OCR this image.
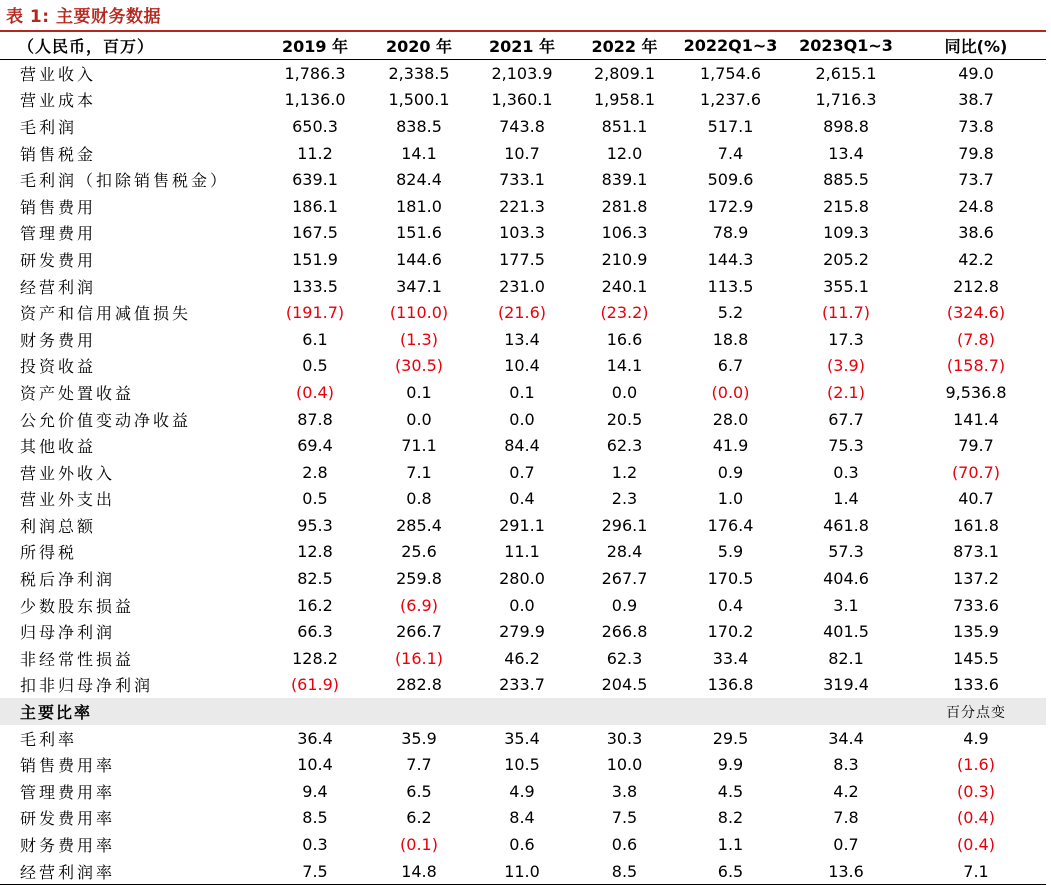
表 1: 主要财务数据
（人民币，百万）	2019 年	2020 年	2021 年	2022 年	2022Q1~3	2023Q1~3	同比(%)
营业收入	1,786.3	2,338.5	2,103.9	2,809.1	1,754.6	2,615.1	49.0
营业成本	1,136.0	1,500.1	1,360.1	1,958.1	1,237.6	1,716.3	38.7
毛利润	650.3	838.5	743.8	851.1	517.1	898.8	73.8
销售税金	11.2	14.1	10.7	12.0	7.4	13.4	79.8
毛利润（扣除销售税金）	639.1	824.4	733.1	839.1	509.6	885.5	73.7
销售费用	186.1	181.0	221.3	281.8	172.9	215.8	24.8
管理费用	167.5	151.6	103.3	106.3	78.9	109.3	38.6
研发费用	151.9	144.6	177.5	210.9	144.3	205.2	42.2
经营利润	133.5	347.1	231.0	240.1	113.5	355.1	212.8
资产和信用减值损失	(191.7)	(110.0)	(21.6)	(23.2)	5.2	(11.7)	(324.6)
财务费用	6.1	(1.3)	13.4	16.6	18.8	17.3	(7.8)
投资收益	0.5	(30.5)	10.4	14.1	6.7	(3.9)	(158.7)
资产处置收益	(0.4)	0.1	0.1	0.0	(0.0)	(2.1)	9,536.8
公允价值变动净收益	87.8	0.0	0.0	20.5	28.0	67.7	141.4
其他收益	69.4	71.1	84.4	62.3	41.9	75.3	79.7
营业外收入	2.8	7.1	0.7	1.2	0.9	0.3	(70.7)
营业外支出	0.5	0.8	0.4	2.3	1.0	1.4	40.7
利润总额	95.3	285.4	291.1	296.1	176.4	461.8	161.8
所得税	12.8	25.6	11.1	28.4	5.9	57.3	873.1
税后净利润	82.5	259.8	280.0	267.7	170.5	404.6	137.2
少数股东损益	16.2	(6.9)	0.0	0.9	0.4	3.1	733.6
归母净利润	66.3	266.7	279.9	266.8	170.2	401.5	135.9
非经常性损益	128.2	(16.1)	46.2	62.3	33.4	82.1	145.5
扣非归母净利润	(61.9)	282.8	233.7	204.5	136.8	319.4	133.6
主要比率							百分点变
毛利率	36.4	35.9	35.4	30.3	29.5	34.4	4.9
销售费用率	10.4	7.7	10.5	10.0	9.9	8.3	(1.6)
管理费用率	9.4	6.5	4.9	3.8	4.5	4.2	(0.3)
研发费用率	8.5	6.2	8.4	7.5	8.2	7.8	(0.4)
财务费用率	0.3	(0.1)	0.6	0.6	1.1	0.7	(0.4)
经营利润率	7.5	14.8	11.0	8.5	6.5	13.6	7.1
